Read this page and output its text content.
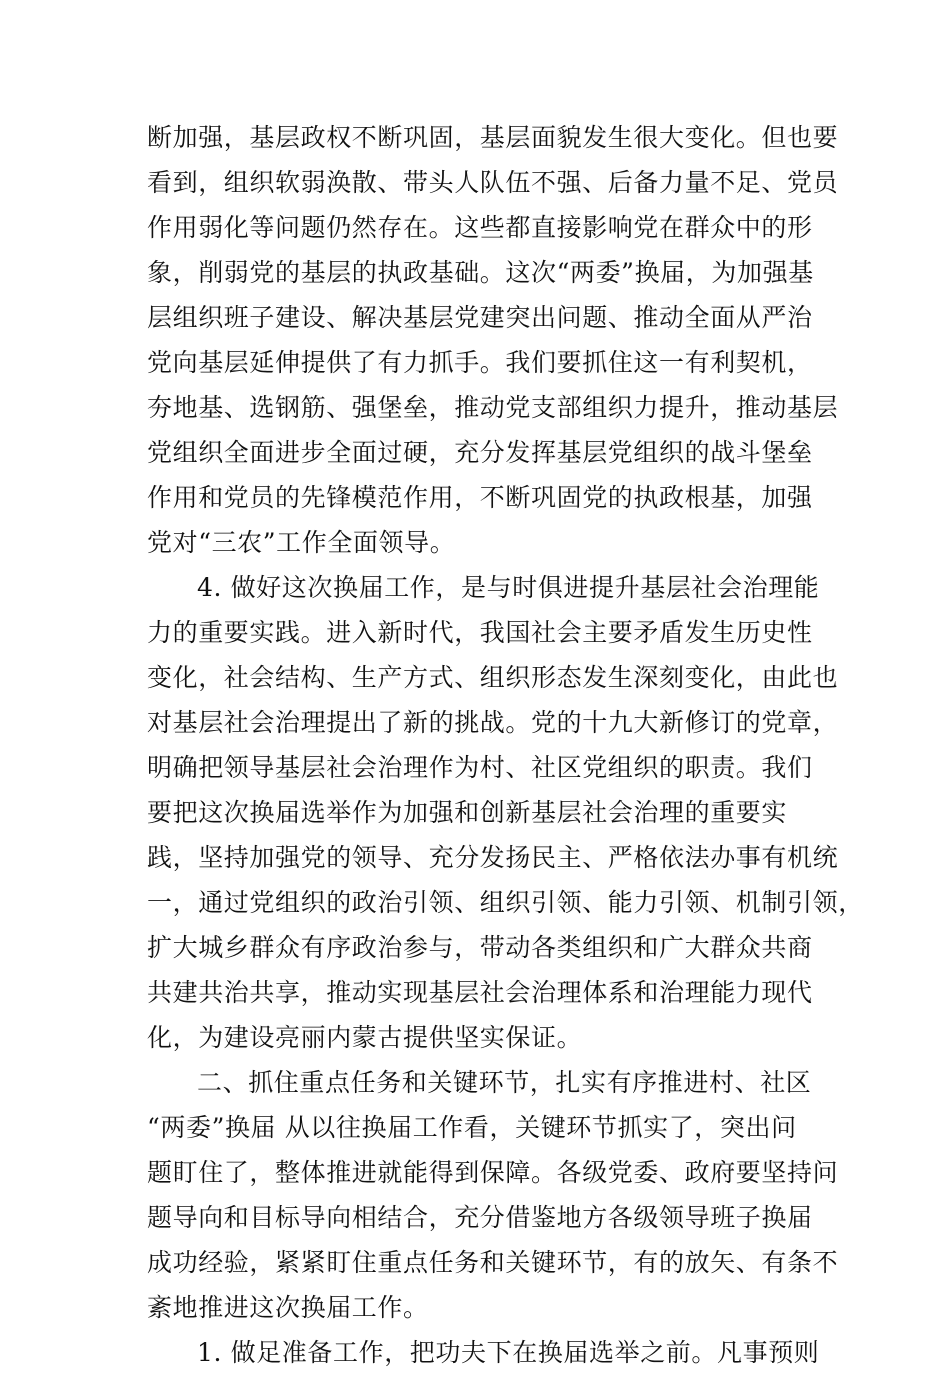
断加强，基层政权不断巩固，基层面貌发生很大变化。但也要
看到，组织软弱涣散、带头人队伍不强、后备力量不足、党员
作用弱化等问题仍然存在。这些都直接影响党在群众中的形
象，削弱党的基层的执政基础。这次“两委”换届，为加强基
层组织班子建设、解决基层党建突出问题、推动全面从严治
党向基层延伸提供了有力抓手。我们要抓住这一有利契机，
夯地基、选钢筋、强堡垒，推动党支部组织力提升，推动基层
党组织全面进步全面过硬，充分发挥基层党组织的战斗堡垒
作用和党员的先锋模范作用，不断巩固党的执政根基，加强
党对“三农”工作全面领导。
4. 做好这次换届工作，是与时俱进提升基层社会治理能
力的重要实践。进入新时代，我国社会主要矛盾发生历史性
变化，社会结构、生产方式、组织形态发生深刻变化，由此也
对基层社会治理提出了新的挑战。党的十九大新修订的党章，
明确把领导基层社会治理作为村、社区党组织的职责。我们
要把这次换届选举作为加强和创新基层社会治理的重要实
践，坚持加强党的领导、充分发扬民主、严格依法办事有机统
一，通过党组织的政治引领、组织引领、能力引领、机制引领，
扩大城乡群众有序政治参与，带动各类组织和广大群众共商
共建共治共享，推动实现基层社会治理体系和治理能力现代
化，为建设亮丽内蒙古提供坚实保证。
二、抓住重点任务和关键环节，扎实有序推进村、社区
“两委”换届 从以往换届工作看，关键环节抓实了，突出问
题盯住了，整体推进就能得到保障。各级党委、政府要坚持问
题导向和目标导向相结合，充分借鉴地方各级领导班子换届
成功经验，紧紧盯住重点任务和关键环节，有的放矢、有条不
紊地推进这次换届工作。
1. 做足准备工作，把功夫下在换届选举之前。凡事预则
